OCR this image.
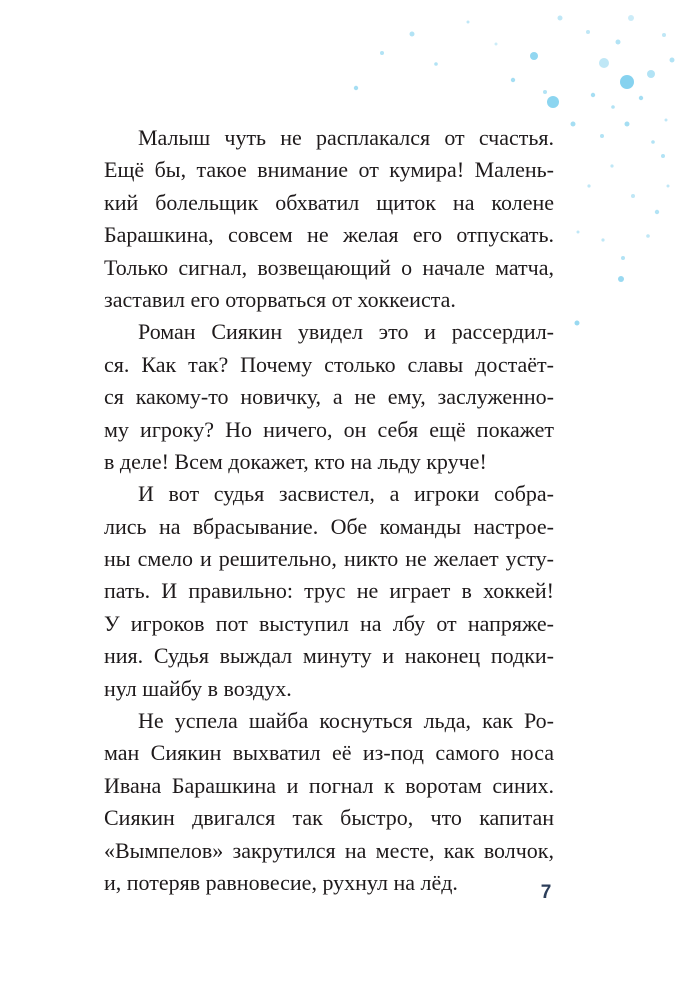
Малыш чуть не расплакался от счастья.
Ещё бы, такое внимание от кумира! Малень-
кий болельщик обхватил щиток на колене
Барашкина, совсем не желая его отпускать.
Только сигнал, возвещающий о начале матча,
заставил его оторваться от хоккеиста.
Роман Сиякин увидел это и рассердил-
ся. Как так? Почему столько славы достаёт-
ся какому-то новичку, а не ему, заслуженно-
му игроку? Но ничего, он себя ещё покажет
в деле! Всем докажет, кто на льду круче!
И вот судья засвистел, а игроки собра-
лись на вбрасывание. Обе команды настрое-
ны смело и решительно, никто не желает усту-
пать. И правильно: трус не играет в хоккей!
У игроков пот выступил на лбу от напряже-
ния. Судья выждал минуту и наконец подки-
нул шайбу в воздух.
Не успела шайба коснуться льда, как Ро-
ман Сиякин выхватил её из-под самого носа
Ивана Барашкина и погнал к воротам синих.
Сиякин двигался так быстро, что капитан
«Вымпелов» закрутился на месте, как волчок,
и, потеряв равновесие, рухнул на лёд.	7
